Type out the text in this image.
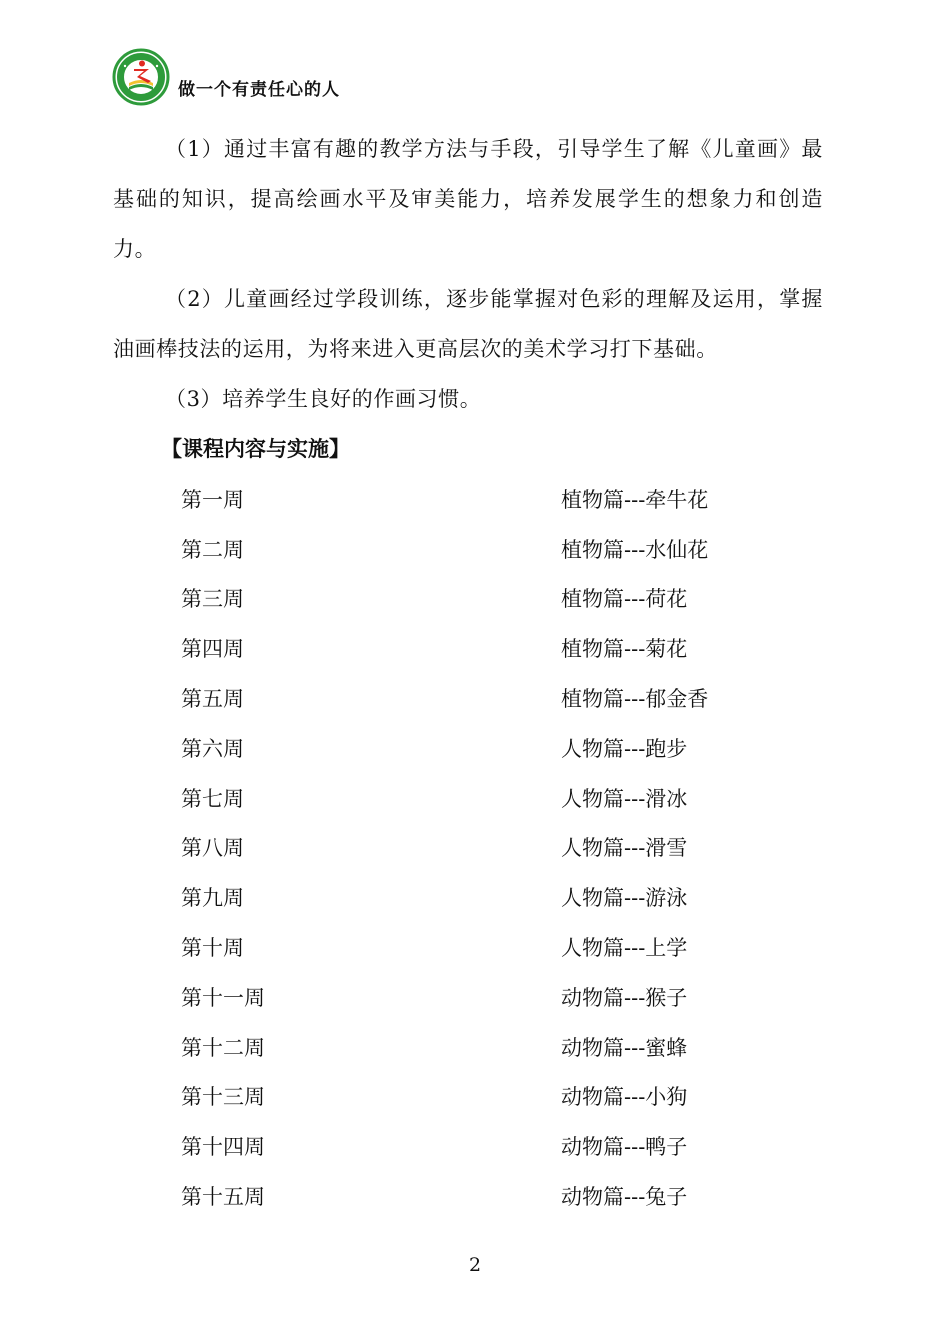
做一个有责任心的人

（1）通过丰富有趣的教学方法与手段，引导学生了解《儿童画》最基础的知识，提高绘画水平及审美能力，培养发展学生的想象力和创造力。

（2）儿童画经过学段训练，逐步能掌握对色彩的理解及运用，掌握油画棒技法的运用，为将来进入更高层次的美术学习打下基础。

（3）培养学生良好的作画习惯。

【课程内容与实施】
第一周	植物篇---牵牛花
第二周	植物篇---水仙花
第三周	植物篇---荷花
第四周	植物篇---菊花
第五周	植物篇---郁金香
第六周	人物篇---跑步
第七周	人物篇---滑冰
第八周	人物篇---滑雪
第九周	人物篇---游泳
第十周	人物篇---上学
第十一周	动物篇---猴子
第十二周	动物篇---蜜蜂
第十三周	动物篇---小狗
第十四周	动物篇---鸭子
第十五周	动物篇---兔子
2
